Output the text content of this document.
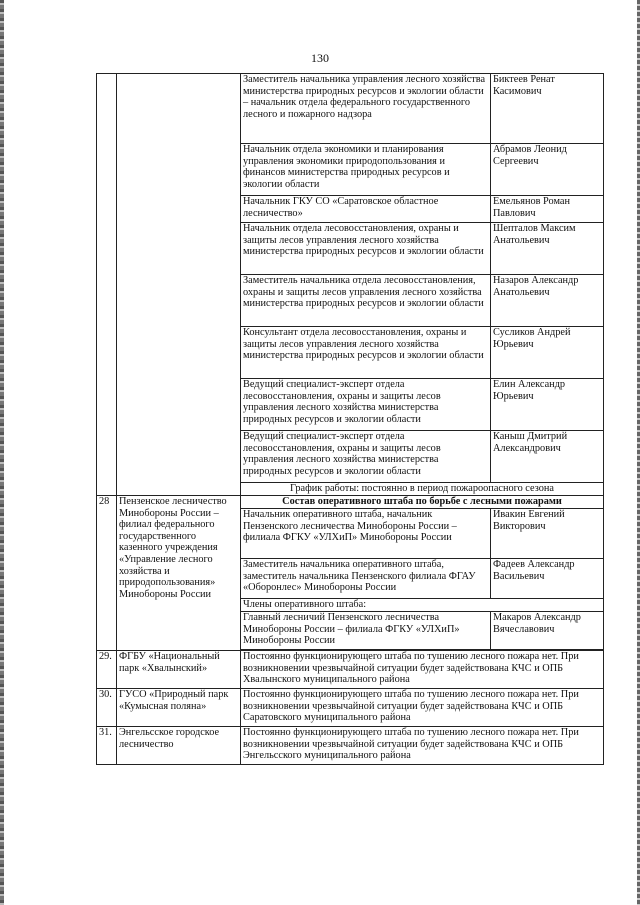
130
		Заместитель начальника управления лесного хозяйства министерства природных ресурсов и экологии области – начальник отдела федерального государственного лесного и пожарного надзора	Биктеев Ренат Касимович
		Начальник отдела экономики и планирования управления экономики природопользования и финансов министерства природных ресурсов и экологии области	Абрамов Леонид Сергеевич
		Начальник ГКУ СО «Саратовское областное лесничество»	Емельянов Роман Павлович
		Начальник отдела лесовосстановления, охраны и защиты лесов управления лесного хозяйства министерства природных ресурсов и экологии области	Шепталов Максим Анатольевич
		Заместитель начальника отдела лесовосстановления, охраны и защиты лесов управления лесного хозяйства министерства природных ресурсов и экологии области	Назаров Александр Анатольевич
		Консультант отдела лесовосстановления, охраны и защиты лесов управления лесного хозяйства министерства природных ресурсов и экологии области	Сусликов Андрей Юрьевич
		Ведущий специалист-эксперт отдела лесовосстановления, охраны и защиты лесов управления лесного хозяйства министерства природных ресурсов и экологии области	Елин Александр Юрьевич
		Ведущий специалист-эксперт отдела лесовосстановления, охраны и защиты лесов управления лесного хозяйства министерства природных ресурсов и экологии области	Каныш Дмитрий Александрович
		График работы: постоянно в период пожароопасного сезона	
28	Пензенское лесничество Минобороны России – филиал федерального государственного казенного учреждения «Управление лесного хозяйства и природопользования» Минобороны России	Состав оперативного штаба по борьбе с лесными пожарами	
		Начальник оперативного штаба, начальник Пензенского лесничества Минобороны России – филиала ФГКУ «УЛХиП» Минобороны России	Ивакин Евгений Викторович
		Заместитель начальника оперативного штаба, заместитель начальника Пензенского филиала ФГАУ «Оборонлес» Минобороны России	Фадеев Александр Васильевич
		Члены оперативного штаба:	
		Главный лесничий Пензенского лесничества Минобороны России – филиала ФГКУ «УЛХиП» Минобороны России	Макаров Александр Вячеславович

29.	ФГБУ «Национальный парк «Хвалынский»	Постоянно функционирующего штаба по тушению лесного пожара нет. При возникновении чрезвычайной ситуации будет задействована КЧС и ОПБ Хвалынского муниципального района	
30.	ГУСО «Природный парк «Кумысная поляна»	Постоянно функционирующего штаба по тушению лесного пожара нет. При возникновении чрезвычайной ситуации будет задействована КЧС и ОПБ Саратовского муниципального района	
31.	Энгельсское городское лесничество	Постоянно функционирующего штаба по тушению лесного пожара нет. При возникновении чрезвычайной ситуации будет задействована КЧС и ОПБ Энгельсского муниципального района	
